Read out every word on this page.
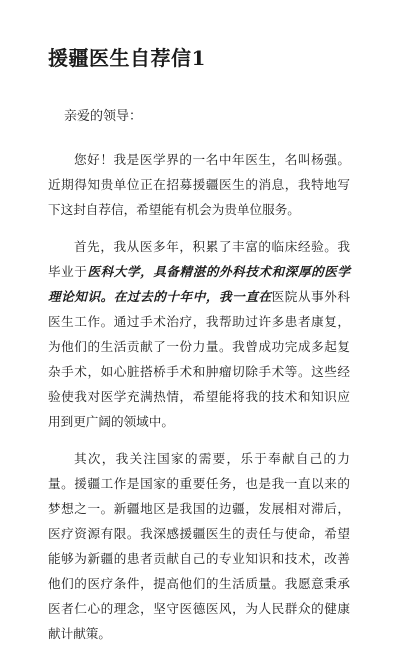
援疆医生自荐信1
亲爱的领导：

您好！我是医学界的一名中年医生，名叫杨强。近期得知贵单位正在招募援疆医生的消息，我特地写下这封自荐信，希望能有机会为贵单位服务。

首先，我从医多年，积累了丰富的临床经验。我毕业于医科大学，具备精湛的外科技术和深厚的医学理论知识。在过去的十年中，我一直在医院从事外科医生工作。通过手术治疗，我帮助过许多患者康复，为他们的生活贡献了一份力量。我曾成功完成多起复杂手术，如心脏搭桥手术和肿瘤切除手术等。这些经验使我对医学充满热情，希望能将我的技术和知识应用到更广阔的领域中。

其次，我关注国家的需要，乐于奉献自己的力量。援疆工作是国家的重要任务，也是我一直以来的梦想之一。新疆地区是我国的边疆，发展相对滞后，医疗资源有限。我深感援疆医生的责任与使命，希望能够为新疆的患者贡献自己的专业知识和技术，改善他们的医疗条件，提高他们的生活质量。我愿意秉承医者仁心的理念，坚守医德医风，为人民群众的健康献计献策。
